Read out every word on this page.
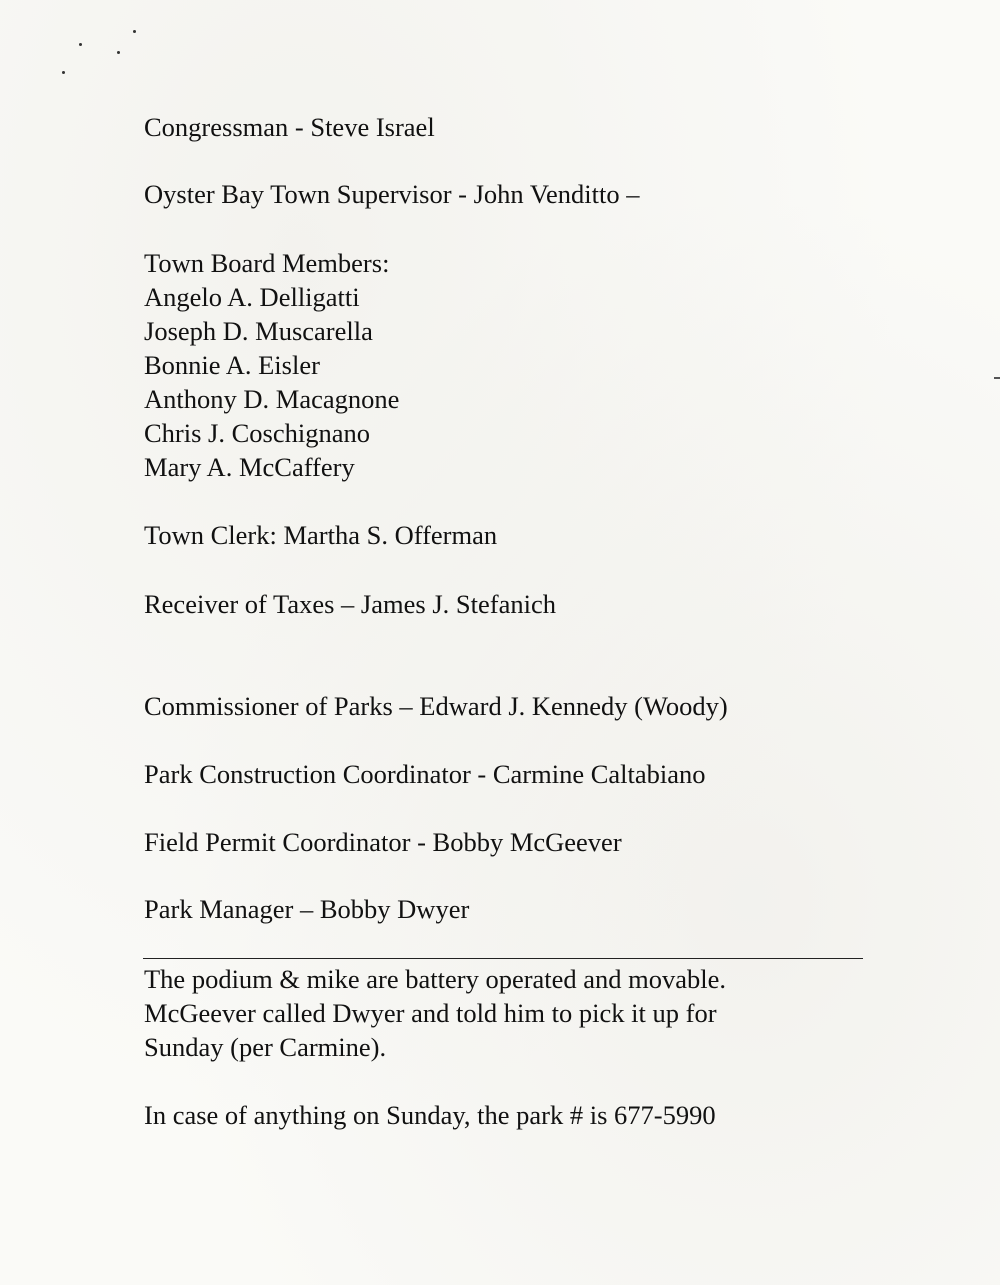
Congressman - Steve Israel
Oyster Bay Town Supervisor - John Venditto –
Town Board Members:
Angelo A. Delligatti
Joseph D. Muscarella
Bonnie A. Eisler
Anthony D. Macagnone
Chris J. Coschignano
Mary A. McCaffery
Town Clerk: Martha S. Offerman
Receiver of Taxes – James J. Stefanich
Commissioner of Parks – Edward J. Kennedy (Woody)
Park Construction Coordinator - Carmine Caltabiano
Field Permit Coordinator - Bobby McGeever
Park Manager – Bobby Dwyer
The podium & mike are battery operated and movable.
McGeever called Dwyer and told him to pick it up for
Sunday (per Carmine).
In case of anything on Sunday, the park # is 677-5990
